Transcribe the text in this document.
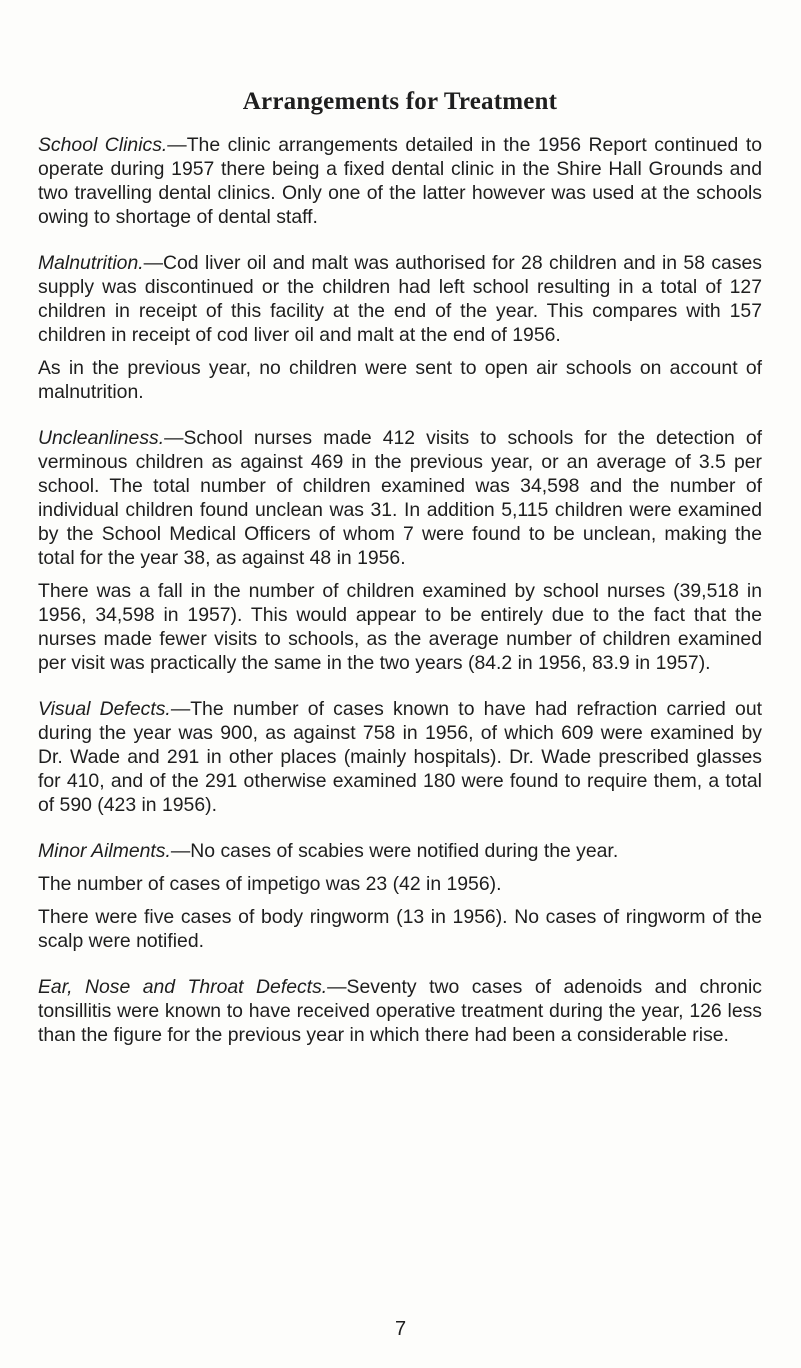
Arrangements for Treatment

School Clinics.—The clinic arrangements detailed in the 1956 Report continued to operate during 1957 there being a fixed dental clinic in the Shire Hall Grounds and two travelling dental clinics. Only one of the latter however was used at the schools owing to shortage of dental staff.

Malnutrition.—Cod liver oil and malt was authorised for 28 children and in 58 cases supply was discontinued or the children had left school resulting in a total of 127 children in receipt of this facility at the end of the year. This compares with 157 children in receipt of cod liver oil and malt at the end of 1956.

As in the previous year, no children were sent to open air schools on account of malnutrition.

Uncleanliness.—School nurses made 412 visits to schools for the detection of verminous children as against 469 in the previous year, or an average of 3.5 per school. The total number of children examined was 34,598 and the number of individual children found unclean was 31. In addition 5,115 children were examined by the School Medical Officers of whom 7 were found to be unclean, making the total for the year 38, as against 48 in 1956.

There was a fall in the number of children examined by school nurses (39,518 in 1956, 34,598 in 1957). This would appear to be entirely due to the fact that the nurses made fewer visits to schools, as the average number of children examined per visit was practically the same in the two years (84.2 in 1956, 83.9 in 1957).

Visual Defects.—The number of cases known to have had refraction carried out during the year was 900, as against 758 in 1956, of which 609 were examined by Dr. Wade and 291 in other places (mainly hospitals). Dr. Wade prescribed glasses for 410, and of the 291 otherwise examined 180 were found to require them, a total of 590 (423 in 1956).

Minor Ailments.—No cases of scabies were notified during the year.

The number of cases of impetigo was 23 (42 in 1956).

There were five cases of body ringworm (13 in 1956). No cases of ringworm of the scalp were notified.

Ear, Nose and Throat Defects.—Seventy two cases of adenoids and chronic tonsillitis were known to have received operative treatment during the year, 126 less than the figure for the previous year in which there had been a considerable rise.

7
